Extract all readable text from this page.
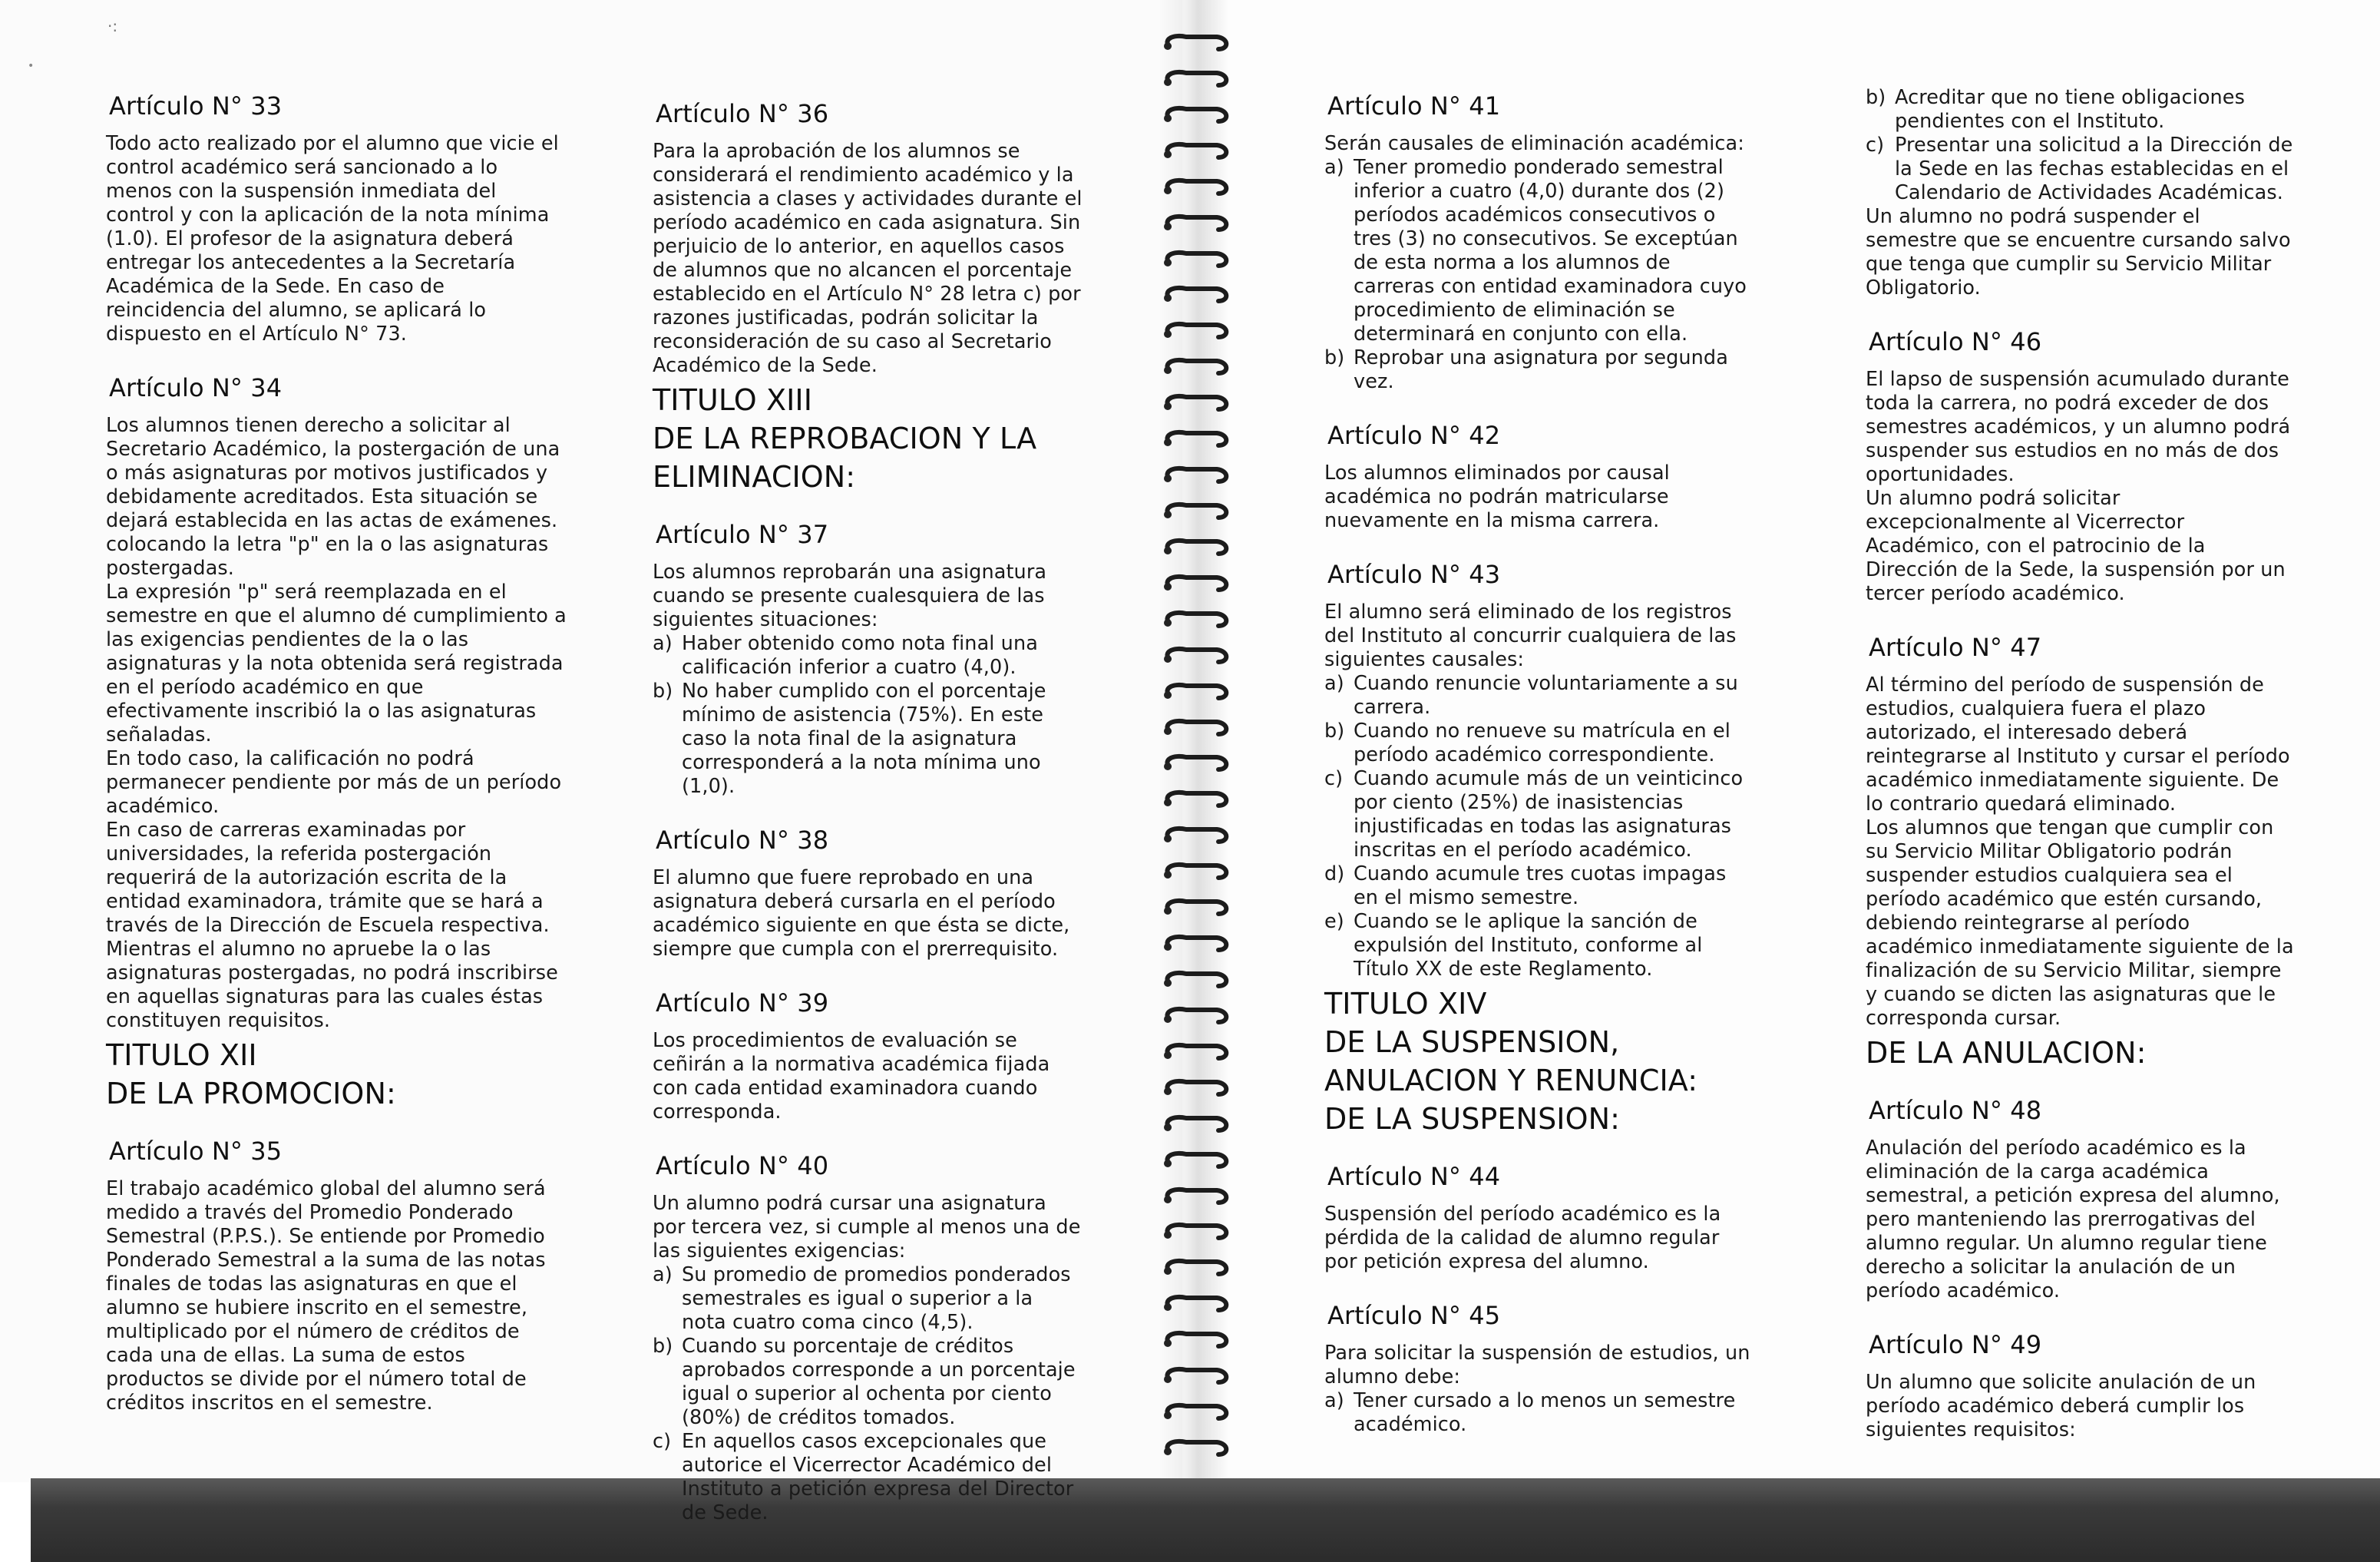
·:
•
Artículo N° 33

Todo acto realizado por el alumno que vicie el control académico será sancionado a lo menos con la suspensión inmediata del control y con la aplicación de la nota mínima (1.0). El profesor de la asignatura deberá entregar los antecedentes a la Secretaría Académica de la Sede. En caso de reincidencia del alumno, se aplicará lo dispuesto en el Artículo N° 73.

Artículo N° 34

Los alumnos tienen derecho a solicitar al Secretario Académico, la postergación de una o más asignaturas por motivos justificados y debidamente acreditados. Esta situación se dejará establecida en las actas de exámenes. colocando la letra "p" en la o las asignaturas postergadas.

La expresión "p" será reemplazada en el semestre en que el alumno dé cumplimiento a las exigencias pendientes de la o las asignaturas y la nota obtenida será registrada en el período académico en que efectivamente inscribió la o las asignaturas señaladas.

En todo caso, la calificación no podrá permanecer pendiente por más de un período académico.

En caso de carreras examinadas por universidades, la referida postergación requerirá de la autorización escrita de la entidad examinadora, trámite que se hará a través de la Dirección de Escuela respectiva. Mientras el alumno no apruebe la o las asignaturas postergadas, no podrá inscribirse en aquellas signaturas para las cuales éstas constituyen requisitos.

TITULO XII
DE LA PROMOCION:
Artículo N° 35

El trabajo académico global del alumno será medido a través del Promedio Ponderado Semestral (P.P.S.). Se entiende por Promedio Ponderado Semestral a la suma de las notas finales de todas las asignaturas en que el alumno se hubiere inscrito en el semestre, multiplicado por el número de créditos de cada una de ellas. La suma de estos productos se divide por el número total de créditos inscritos en el semestre.

Artículo N° 36

Para la aprobación de los alumnos se considerará el rendimiento académico y la asistencia a clases y actividades durante el período académico en cada asignatura. Sin perjuicio de lo anterior, en aquellos casos de alumnos que no alcancen el porcentaje establecido en el Artículo N° 28 letra c) por razones justificadas, podrán solicitar la reconsideración de su caso al Secretario Académico de la Sede.

TITULO XIII
DE LA REPROBACION Y LA
ELIMINACION:
Artículo N° 37

Los alumnos reprobarán una asignatura cuando se presente cualesquiera de las siguientes situaciones:

a) Haber obtenido como nota final una calificación inferior a cuatro (4,0).
b) No haber cumplido con el porcentaje mínimo de asistencia (75%). En este caso la nota final de la asignatura corresponderá a la nota mínima uno (1,0).
Artículo N° 38

El alumno que fuere reprobado en una asignatura deberá cursarla en el período académico siguiente en que ésta se dicte, siempre que cumpla con el prerrequisito.

Artículo N° 39

Los procedimientos de evaluación se ceñirán a la normativa académica fijada con cada entidad examinadora cuando corresponda.

Artículo N° 40

Un alumno podrá cursar una asignatura por tercera vez, si cumple al menos una de las siguientes exigencias:

a) Su promedio de promedios ponderados semestrales es igual o superior a la nota cuatro coma cinco (4,5).
b) Cuando su porcentaje de créditos aprobados corresponde a un porcentaje igual o superior al ochenta por ciento (80%) de créditos tomados.
c) En aquellos casos excepcionales que autorice el Vicerrector Académico del Instituto a petición expresa del Director de Sede.
Artículo N° 41

Serán causales de eliminación académica:

a) Tener promedio ponderado semestral inferior a cuatro (4,0) durante dos (2) períodos académicos consecutivos o tres (3) no consecutivos. Se exceptúan de esta norma a los alumnos de carreras con entidad examinadora cuyo procedimiento de eliminación se determinará en conjunto con ella.
b) Reprobar una asignatura por segunda vez.
Artículo N° 42

Los alumnos eliminados por causal académica no podrán matricularse nuevamente en la misma carrera.

Artículo N° 43

El alumno será eliminado de los registros del Instituto al concurrir cualquiera de las siguientes causales:

a) Cuando renuncie voluntariamente a su carrera.
b) Cuando no renueve su matrícula en el período académico correspondiente.
c) Cuando acumule más de un veinticinco por ciento (25%) de inasistencias injustificadas en todas las asignaturas inscritas en el período académico.
d) Cuando acumule tres cuotas impagas en el mismo semestre.
e) Cuando se le aplique la sanción de expulsión del Instituto, conforme al Título XX de este Reglamento.
TITULO XIV
DE LA SUSPENSION,
ANULACION Y RENUNCIA:
DE LA SUSPENSION:
Artículo N° 44

Suspensión del período académico es la pérdida de la calidad de alumno regular por petición expresa del alumno.

Artículo N° 45

Para solicitar la suspensión de estudios, un alumno debe:

a) Tener cursado a lo menos un semestre académico.
b) Acreditar que no tiene obligaciones pendientes con el Instituto.
c) Presentar una solicitud a la Dirección de la Sede en las fechas establecidas en el Calendario de Actividades Académicas.

Un alumno no podrá suspender el semestre que se encuentre cursando salvo que tenga que cumplir su Servicio Militar Obligatorio.

Artículo N° 46

El lapso de suspensión acumulado durante toda la carrera, no podrá exceder de dos semestres académicos, y un alumno podrá suspender sus estudios en no más de dos oportunidades.

Un alumno podrá solicitar excepcionalmente al Vicerrector Académico, con el patrocinio de la Dirección de la Sede, la suspensión por un tercer período académico.

Artículo N° 47

Al término del período de suspensión de estudios, cualquiera fuera el plazo autorizado, el interesado deberá reintegrarse al Instituto y cursar el período académico inmediatamente siguiente. De lo contrario quedará eliminado.

Los alumnos que tengan que cumplir con su Servicio Militar Obligatorio podrán suspender estudios cualquiera sea el período académico que estén cursando, debiendo reintegrarse al período académico inmediatamente siguiente de la finalización de su Servicio Militar, siempre y cuando se dicten las asignaturas que le corresponda cursar.

DE LA ANULACION:
Artículo N° 48

Anulación del período académico es la eliminación de la carga académica semestral, a petición expresa del alumno, pero manteniendo las prerrogativas del alumno regular. Un alumno regular tiene derecho a solicitar la anulación de un período académico.

Artículo N° 49

Un alumno que solicite anulación de un período académico deberá cumplir los siguientes requisitos:
